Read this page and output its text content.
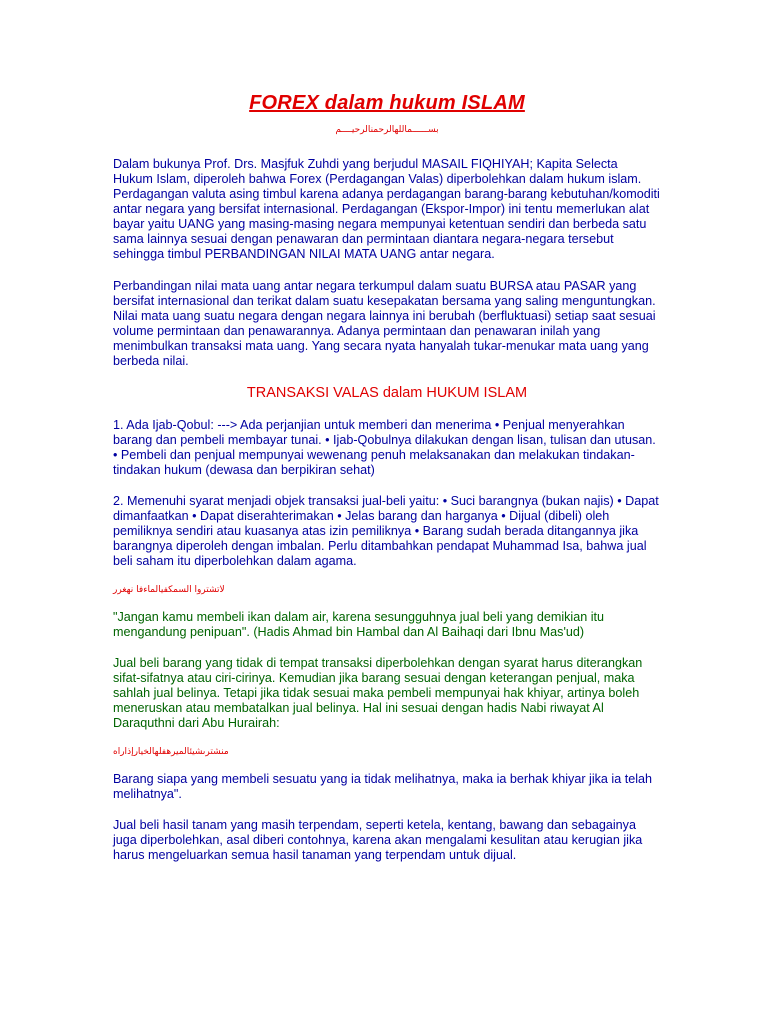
FOREX dalam hukum ISLAM
بســــــماللهالرحمنالرحيــــم

Dalam bukunya Prof. Drs. Masjfuk Zuhdi yang berjudul MASAIL FIQHIYAH; Kapita Selecta Hukum Islam, diperoleh bahwa Forex (Perdagangan Valas) diperbolehkan dalam hukum islam. Perdagangan valuta asing timbul karena adanya perdagangan barang-barang kebutuhan/komoditi antar negara yang bersifat internasional. Perdagangan (Ekspor-Impor) ini tentu memerlukan alat bayar yaitu UANG yang masing-masing negara mempunyai ketentuan sendiri dan berbeda satu sama lainnya sesuai dengan penawaran dan permintaan diantara negara-negara tersebut sehingga timbul PERBANDINGAN NILAI MATA UANG antar negara.

Perbandingan nilai mata uang antar negara terkumpul dalam suatu BURSA atau PASAR yang bersifat internasional dan terikat dalam suatu kesepakatan bersama yang saling menguntungkan. Nilai mata uang suatu negara dengan negara lainnya ini berubah (berfluktuasi) setiap saat sesuai volume permintaan dan penawarannya. Adanya permintaan dan penawaran inilah yang menimbulkan transaksi mata uang. Yang secara nyata hanyalah tukar-menukar mata uang yang berbeda nilai.

TRANSAKSI VALAS dalam HUKUM ISLAM

1. Ada Ijab-Qobul: ---> Ada perjanjian untuk memberi dan menerima • Penjual menyerahkan barang dan pembeli membayar tunai. • Ijab-Qobulnya dilakukan dengan lisan, tulisan dan utusan. • Pembeli dan penjual mempunyai wewenang penuh melaksanakan dan melakukan tindakan-tindakan hukum (dewasa dan berpikiran sehat)

2. Memenuhi syarat menjadi objek transaksi jual-beli yaitu: • Suci barangnya (bukan najis) • Dapat dimanfaatkan • Dapat diserahterimakan • Jelas barang dan harganya • Dijual (dibeli) oleh pemiliknya sendiri atau kuasanya atas izin pemiliknya • Barang sudah berada ditangannya jika barangnya diperoleh dengan imbalan. Perlu ditambahkan pendapat Muhammad Isa, bahwa jual beli saham itu diperbolehkan dalam agama.

لاتشتروا السمكفيالماءفا نهغرر

"Jangan kamu membeli ikan dalam air, karena sesungguhnya jual beli yang demikian itu mengandung penipuan". (Hadis Ahmad bin Hambal dan Al Baihaqi dari Ibnu Mas'ud)

Jual beli barang yang tidak di tempat transaksi diperbolehkan dengan syarat harus diterangkan sifat-sifatnya atau ciri-cirinya. Kemudian jika barang sesuai dengan keterangan penjual, maka sahlah jual belinya. Tetapi jika tidak sesuai maka pembeli mempunyai hak khiyar, artinya boleh meneruskan atau membatalkan jual belinya. Hal ini sesuai dengan hadis Nabi riwayat Al Daraquthni dari Abu Hurairah:

منشترىشيئالميرهفلهالخيارإذاراه

Barang siapa yang membeli sesuatu yang ia tidak melihatnya, maka ia berhak khiyar jika ia telah melihatnya".

Jual beli hasil tanam yang masih terpendam, seperti ketela, kentang, bawang dan sebagainya juga diperbolehkan, asal diberi contohnya, karena akan mengalami kesulitan atau kerugian jika harus mengeluarkan semua hasil tanaman yang terpendam untuk dijual.
